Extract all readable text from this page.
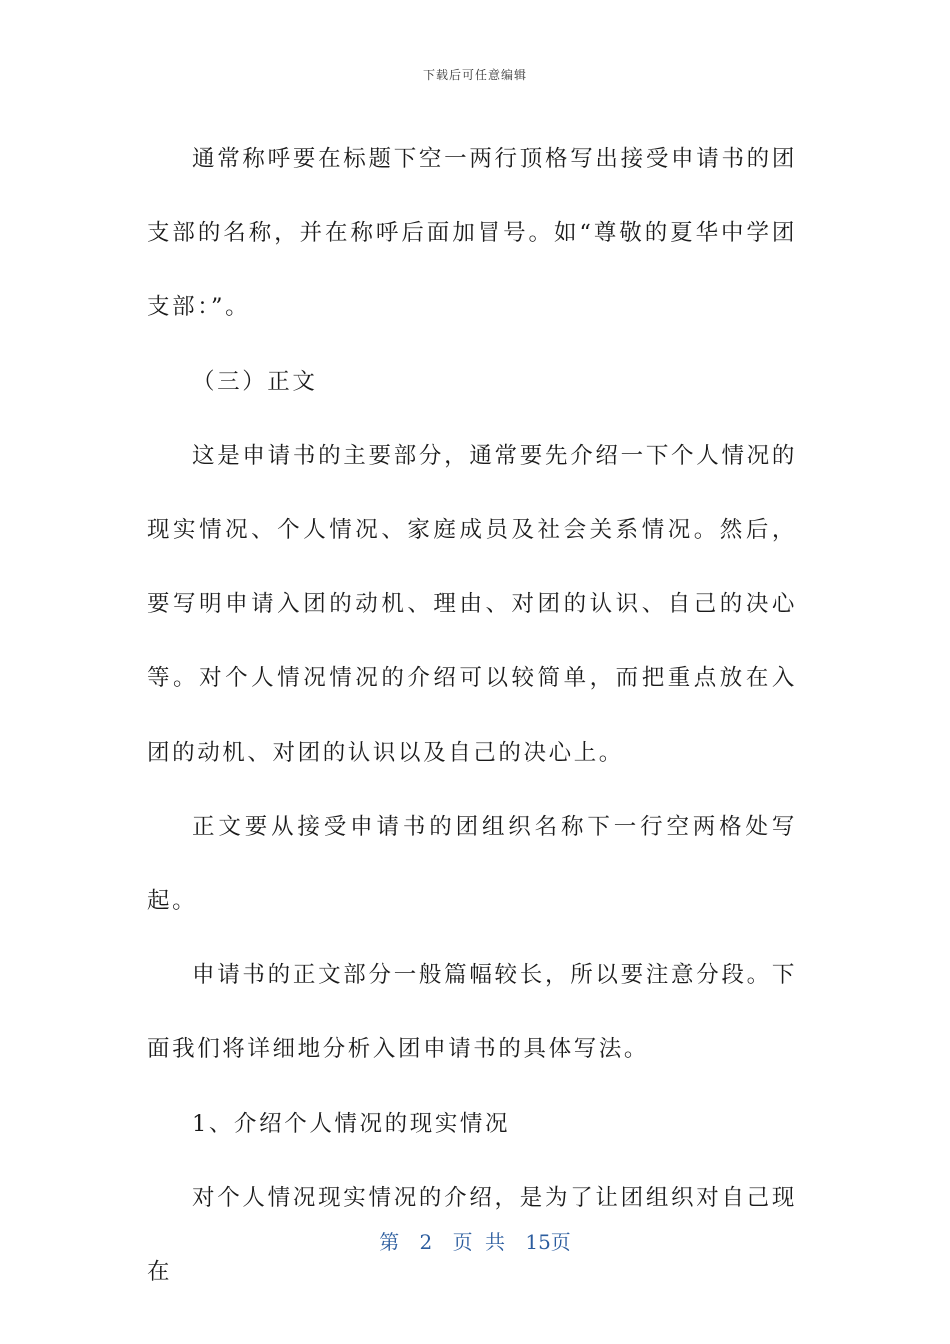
下载后可任意编辑

通常称呼要在标题下空一两行顶格写出接受申请书的团支部的名称，并在称呼后面加冒号。如“尊敬的夏华中学团支部：”。

（三）正文

这是申请书的主要部分，通常要先介绍一下个人情况的现实情况、个人情况、家庭成员及社会关系情况。然后，要写明申请入团的动机、理由、对团的认识、自己的决心等。对个人情况情况的介绍可以较简单，而把重点放在入团的动机、对团的认识以及自己的决心上。

正文要从接受申请书的团组织名称下一行空两格处写起。

申请书的正文部分一般篇幅较长，所以要注意分段。下面我们将详细地分析入团申请书的具体写法。

1、介绍个人情况的现实情况

对个人情况现实情况的介绍，是为了让团组织对自己现在

第 2 页 共 15页
